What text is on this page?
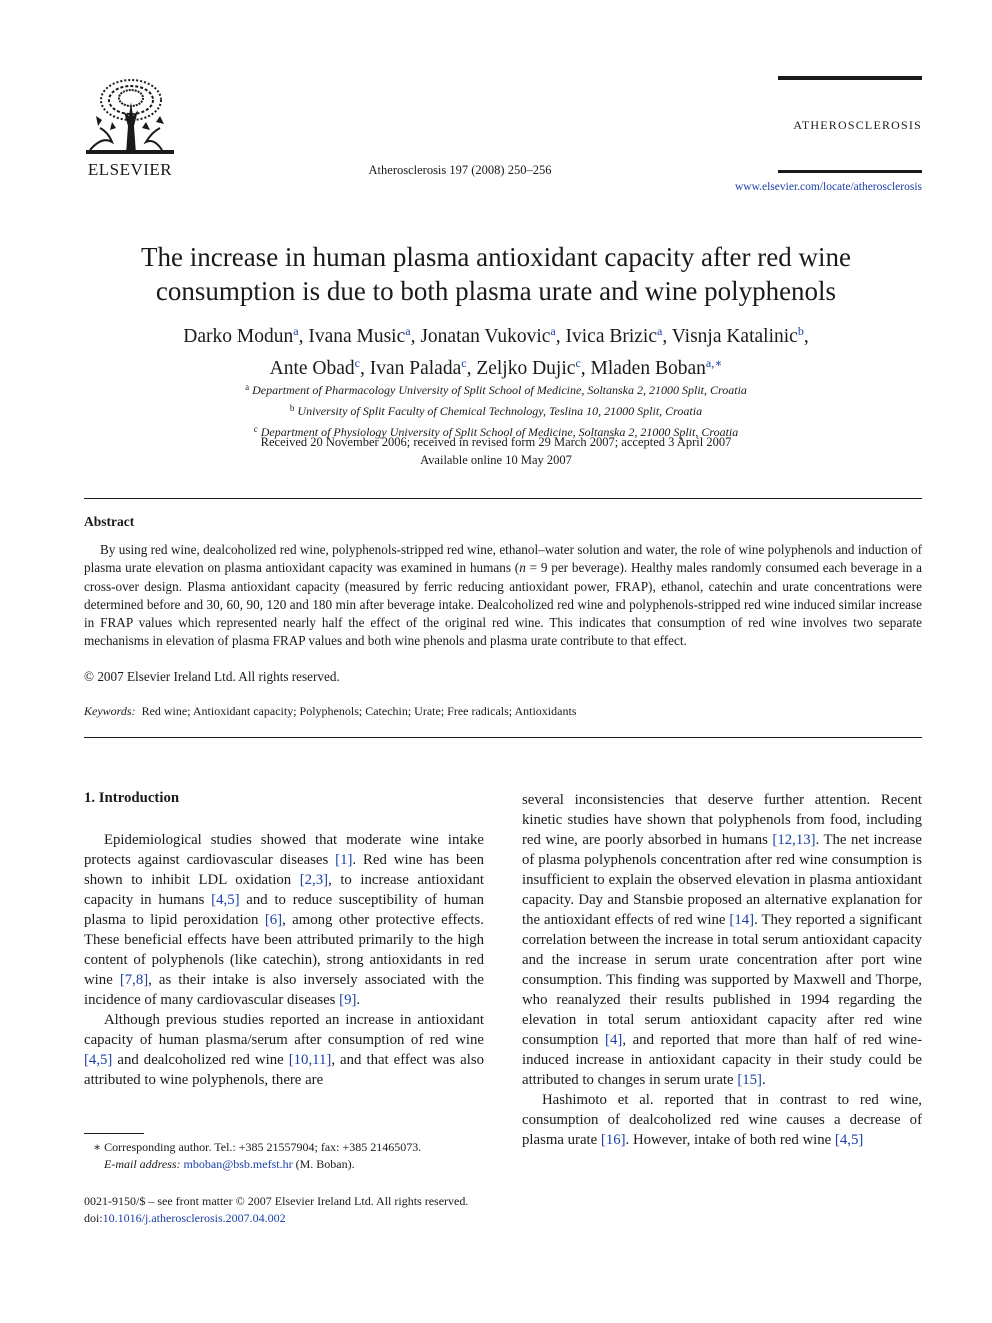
ELSEVIER	Atherosclerosis 197 (2008) 250–256
ATHEROSCLEROSIS
www.elsevier.com/locate/atherosclerosis
The increase in human plasma antioxidant capacity after red wine
consumption is due to both plasma urate and wine polyphenols
Darko Modun$^a$, Ivana Music$^a$, Jonatan Vukovic$^a$, Ivica Brizic$^a$, Visnja Katalinic$^b$,
Ante Obad$^c$, Ivan Palada$^c$, Zeljko Dujic$^c$, Mladen Boban$^{a,∗}$
$^a$ Department of Pharmacology University of Split School of Medicine, Soltanska 2, 21000 Split, Croatia
$^b$ University of Split Faculty of Chemical Technology, Teslina 10, 21000 Split, Croatia
$^c$ Department of Physiology University of Split School of Medicine, Soltanska 2, 21000 Split, Croatia
Received 20 November 2006; received in revised form 29 March 2007; accepted 3 April 2007
Available online 10 May 2007
Abstract

By using red wine, dealcoholized red wine, polyphenols-stripped red wine, ethanol–water solution and water, the role of wine polyphenols and induction of plasma urate elevation on plasma antioxidant capacity was examined in humans (n = 9 per beverage). Healthy males randomly consumed each beverage in a cross-over design. Plasma antioxidant capacity (measured by ferric reducing antioxidant power, FRAP), ethanol, catechin and urate concentrations were determined before and 30, 60, 90, 120 and 180 min after beverage intake. Dealcoholized red wine and polyphenols-stripped red wine induced similar increase in FRAP values which represented nearly half the effect of the original red wine. This indicates that consumption of red wine involves two separate mechanisms in elevation of plasma FRAP values and both wine phenols and plasma urate contribute to that effect.

© 2007 Elsevier Ireland Ltd. All rights reserved.
Keywords: Red wine; Antioxidant capacity; Polyphenols; Catechin; Urate; Free radicals; Antioxidants
1. Introduction

Epidemiological studies showed that moderate wine intake protects against cardiovascular diseases [1]. Red wine has been shown to inhibit LDL oxidation [2,3], to increase antioxidant capacity in humans [4,5] and to reduce susceptibility of human plasma to lipid peroxidation [6], among other protective effects. These beneficial effects have been attributed primarily to the high content of polyphenols (like catechin), strong antioxidants in red wine [7,8], as their intake is also inversely associated with the incidence of many cardiovascular diseases [9].

Although previous studies reported an increase in antioxidant capacity of human plasma/serum after consumption of red wine [4,5] and dealcoholized red wine [10,11], and that effect was also attributed to wine polyphenols, there are

several inconsistencies that deserve further attention. Recent kinetic studies have shown that polyphenols from food, including red wine, are poorly absorbed in humans [12,13]. The net increase of plasma polyphenols concentration after red wine consumption is insufficient to explain the observed elevation in plasma antioxidant capacity. Day and Stansbie proposed an alternative explanation for the antioxidant effects of red wine [14]. They reported a significant correlation between the increase in total serum antioxidant capacity and the increase in serum urate concentration after port wine consumption. This finding was supported by Maxwell and Thorpe, who reanalyzed their results published in 1994 regarding the elevation in total serum antioxidant capacity after red wine consumption [4], and reported that more than half of red wine-induced increase in antioxidant capacity in their study could be attributed to changes in serum urate [15].

Hashimoto et al. reported that in contrast to red wine, consumption of dealcoholized red wine causes a decrease of plasma urate [16]. However, intake of both red wine [4,5]

∗ Corresponding author. Tel.: +385 21557904; fax: +385 21465073.
E-mail address: mboban@bsb.mefst.hr (M. Boban).
0021-9150/$ – see front matter © 2007 Elsevier Ireland Ltd. All rights reserved.
doi:10.1016/j.atherosclerosis.2007.04.002
